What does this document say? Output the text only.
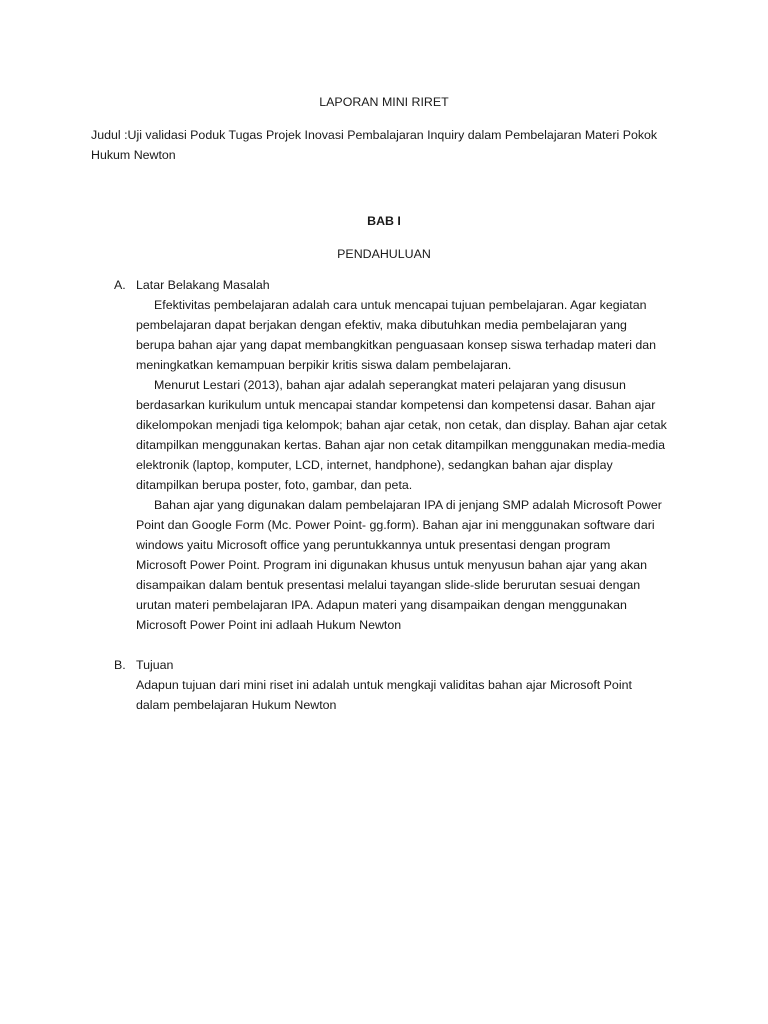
LAPORAN MINI RIRET
Judul :Uji validasi Poduk Tugas Projek Inovasi Pembalajaran Inquiry dalam Pembelajaran Materi Pokok
Hukum Newton
BAB I
PENDAHULUAN
A. Latar Belakang Masalah
Efektivitas pembelajaran adalah cara untuk mencapai tujuan pembelajaran. Agar kegiatan
pembelajaran dapat berjakan dengan efektiv, maka dibutuhkan media pembelajaran yang
berupa bahan ajar yang dapat membangkitkan penguasaan konsep siswa terhadap materi dan
meningkatkan kemampuan berpikir kritis siswa dalam pembelajaran.
Menurut Lestari (2013), bahan ajar adalah seperangkat materi pelajaran yang disusun
berdasarkan kurikulum untuk mencapai standar kompetensi dan kompetensi dasar. Bahan ajar
dikelompokan menjadi tiga kelompok; bahan ajar cetak, non cetak, dan display. Bahan ajar cetak
ditampilkan menggunakan kertas. Bahan ajar non cetak ditampilkan menggunakan media-media
elektronik (laptop, komputer, LCD, internet, handphone), sedangkan bahan ajar display
ditampilkan berupa poster, foto, gambar, dan peta.
Bahan ajar yang digunakan dalam pembelajaran IPA di jenjang SMP adalah Microsoft Power
Point dan Google Form (Mc. Power Point- gg.form). Bahan ajar ini menggunakan software dari
windows yaitu Microsoft office yang peruntukkannya untuk presentasi dengan program
Microsoft Power Point. Program ini digunakan khusus untuk menyusun bahan ajar yang akan
disampaikan dalam bentuk presentasi melalui tayangan slide-slide berurutan sesuai dengan
urutan materi pembelajaran IPA. Adapun materi yang disampaikan dengan menggunakan
Microsoft Power Point ini adlaah Hukum Newton
B. Tujuan
Adapun tujuan dari mini riset ini adalah untuk mengkaji validitas bahan ajar Microsoft Point
dalam pembelajaran Hukum Newton
